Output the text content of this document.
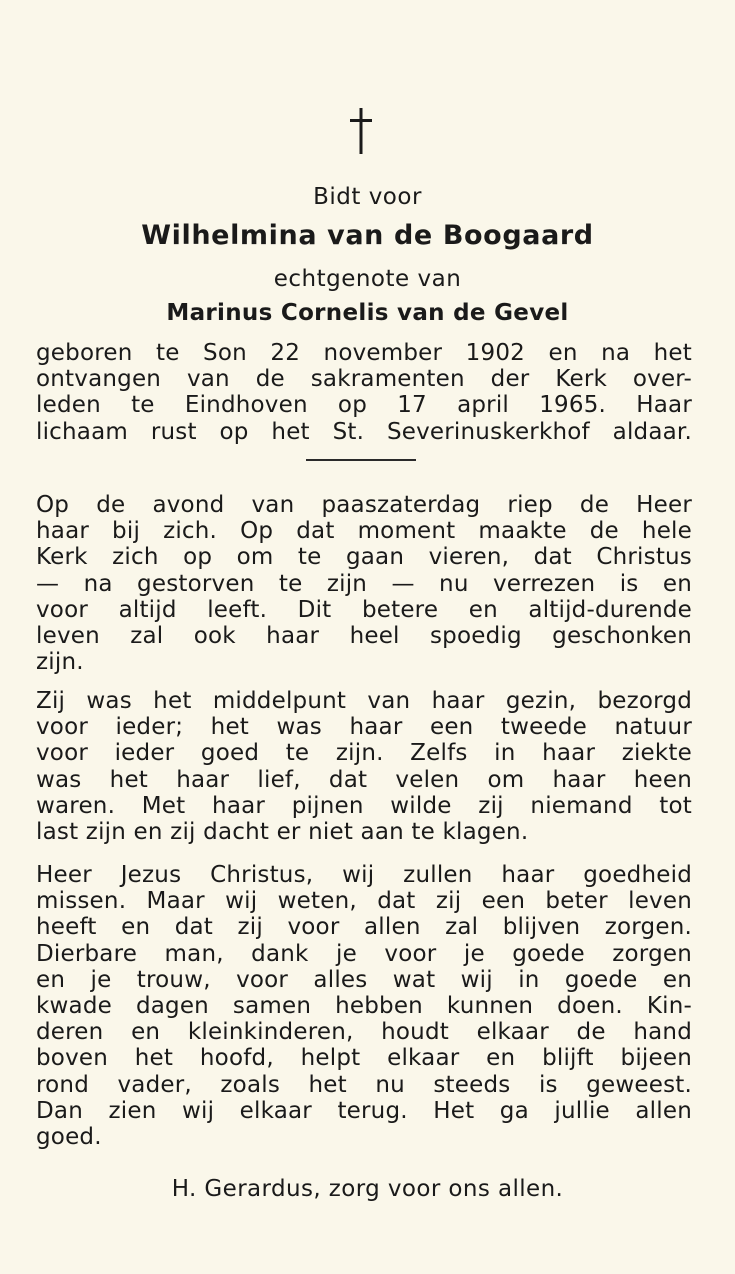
Bidt voor
Wilhelmina van de Boogaard
echtgenote van
Marinus Cornelis van de Gevel
geboren te Son 22 november 1902 en na het
ontvangen van de sakramenten der Kerk over-
leden te Eindhoven op 17 april 1965. Haar
lichaam rust op het St. Severinuskerkhof aldaar.
Op de avond van paaszaterdag riep de Heer
haar bij zich. Op dat moment maakte de hele
Kerk zich op om te gaan vieren, dat Christus
— na gestorven te zijn — nu verrezen is en
voor altijd leeft. Dit betere en altijd-durende
leven zal ook haar heel spoedig geschonken
zijn.
Zij was het middelpunt van haar gezin, bezorgd
voor ieder; het was haar een tweede natuur
voor ieder goed te zijn. Zelfs in haar ziekte
was het haar lief, dat velen om haar heen
waren. Met haar pijnen wilde zij niemand tot
last zijn en zij dacht er niet aan te klagen.
Heer Jezus Christus, wij zullen haar goedheid
missen. Maar wij weten, dat zij een beter leven
heeft en dat zij voor allen zal blijven zorgen.
Dierbare man, dank je voor je goede zorgen
en je trouw, voor alles wat wij in goede en
kwade dagen samen hebben kunnen doen. Kin-
deren en kleinkinderen, houdt elkaar de hand
boven het hoofd, helpt elkaar en blijft bijeen
rond vader, zoals het nu steeds is geweest.
Dan zien wij elkaar terug. Het ga jullie allen
goed.
H. Gerardus, zorg voor ons allen.
